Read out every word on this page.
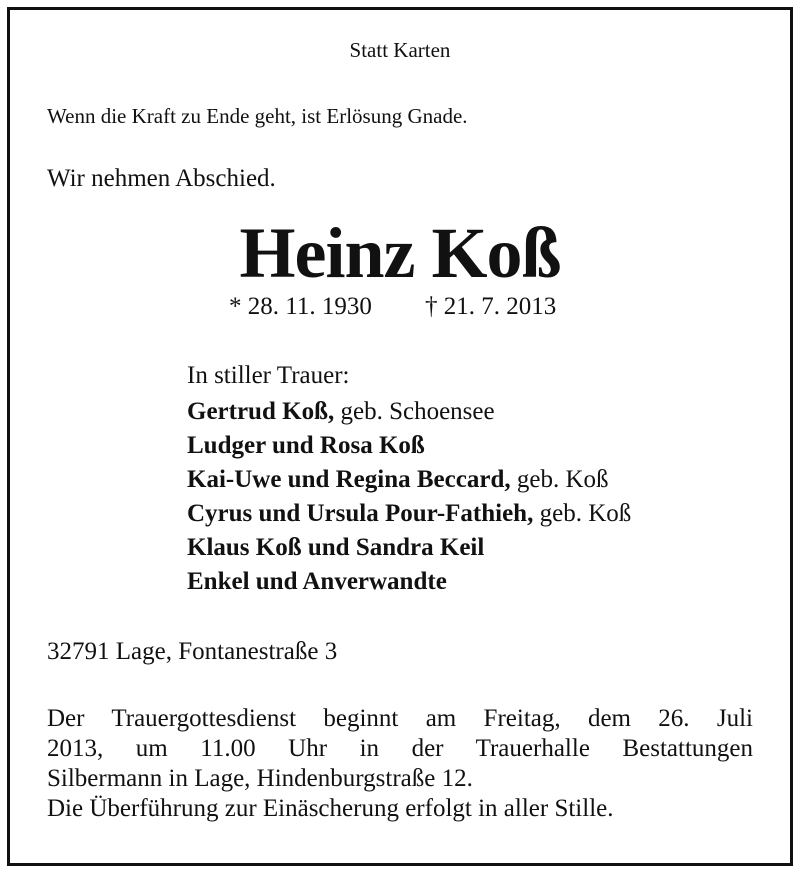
Statt Karten
Wenn die Kraft zu Ende geht, ist Erlösung Gnade.
Wir nehmen Abschied.
Heinz Koß
* 28. 11. 1930 † 21. 7. 2013
In stiller Trauer:
Gertrud Koß, geb. Schoensee
Ludger und Rosa Koß
Kai-Uwe und Regina Beccard, geb. Koß
Cyrus und Ursula Pour-Fathieh, geb. Koß
Klaus Koß und Sandra Keil
Enkel und Anverwandte
32791 Lage, Fontanestraße 3
Der Trauergottesdienst beginnt am Freitag, dem 26. Juli
2013, um 11.00 Uhr in der Trauerhalle Bestattungen
Silbermann in Lage, Hindenburgstraße 12.
Die Überführung zur Einäscherung erfolgt in aller Stille.
